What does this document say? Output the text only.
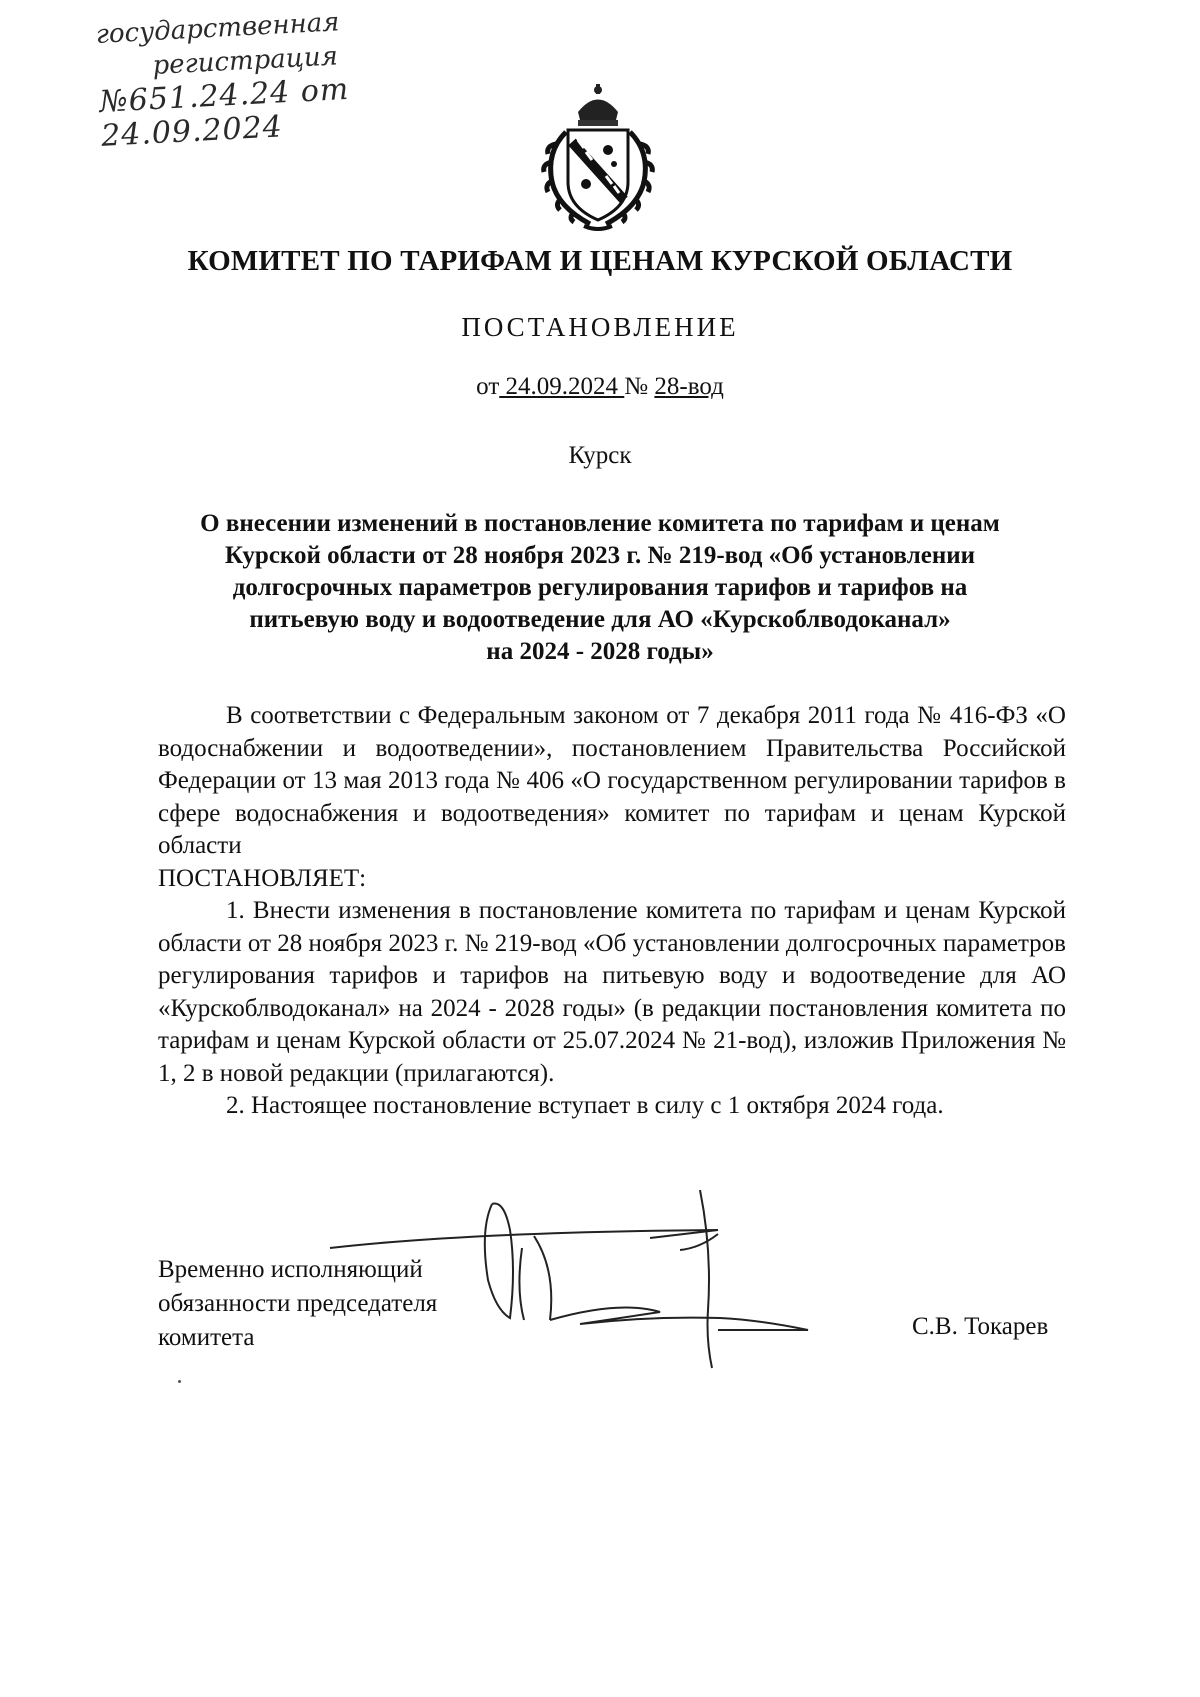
государственная
регистрация
№651.24.24 от 24.09.2024
КОМИТЕТ ПО ТАРИФАМ И ЦЕНАМ КУРСКОЙ ОБЛАСТИ
ПОСТАНОВЛЕНИЕ
от 24.09.2024 № 28-вод
Курск
О внесении изменений в постановление комитета по тарифам и ценам
Курской области от 28 ноября 2023 г. № 219-вод «Об установлении
долгосрочных параметров регулирования тарифов и тарифов на
питьевую воду и водоотведение для АО «Курскоблводоканал»
на 2024 - 2028 годы»

В соответствии с Федеральным законом от 7 декабря 2011 года № 416-ФЗ «О водоснабжении и водоотведении», постановлением Правительства Российской Федерации от 13 мая 2013 года № 406 «О государственном регулировании тарифов в сфере водоснабжения и водоотведения» комитет по тарифам и ценам Курской области

ПОСТАНОВЛЯЕТ:

1. Внести изменения в постановление комитета по тарифам и ценам Курской области от 28 ноября 2023 г. № 219-вод «Об установлении долгосрочных параметров регулирования тарифов и тарифов на питьевую воду и водоотведение для АО «Курскоблводоканал» на 2024 - 2028 годы» (в редакции постановления комитета по тарифам и ценам Курской области от 25.07.2024 № 21-вод), изложив Приложения № 1, 2 в новой редакции (прилагаются).

2. Настоящее постановление вступает в силу с 1 октября 2024 года.

Временно исполняющий
обязанности председателя
комитета	С.В. Токарев
